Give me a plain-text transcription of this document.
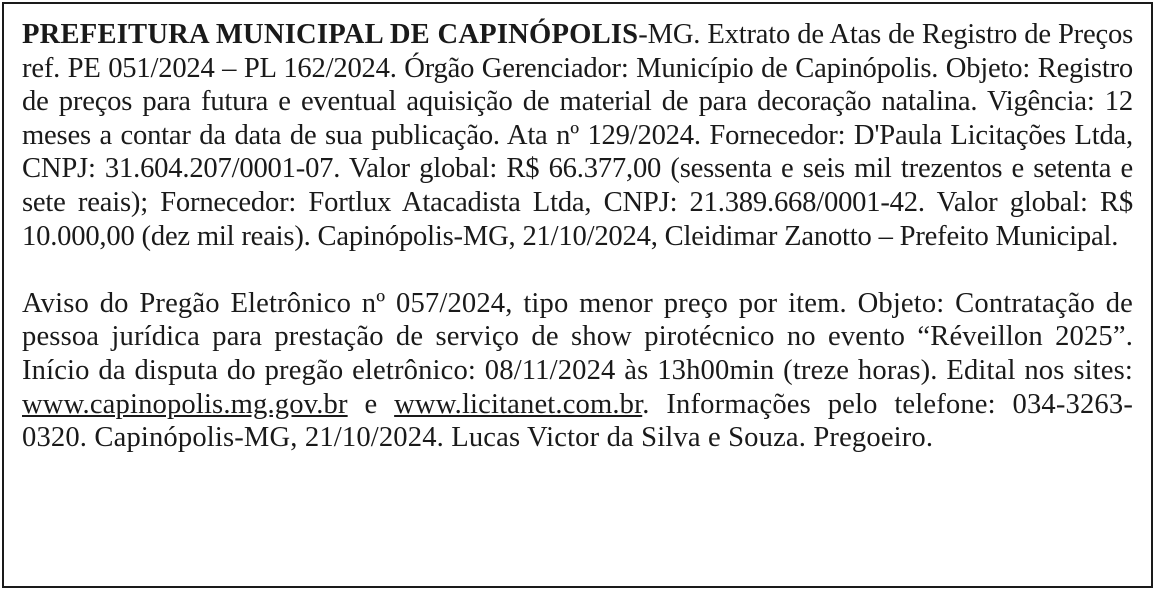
PREFEITURA MUNICIPAL DE CAPINÓPOLIS-MG. Extrato de Atas de Registro de Preços ref. PE 051/2024 – PL 162/2024. Órgão Gerenciador: Município de Capinópolis. Objeto: Registro de preços para futura e eventual aquisição de material de para decoração natalina. Vigência: 12 meses a contar da data de sua publicação. Ata nº 129/2024. Fornecedor: D'Paula Licitações Ltda, CNPJ: 31.604.207/0001-07. Valor global: R$ 66.377,00 (sessenta e seis mil trezentos e setenta e sete reais); Fornecedor: Fortlux Atacadista Ltda, CNPJ: 21.389.668/0001-42. Valor global: R$ 10.000,00 (dez mil reais). Capinópolis-MG, 21/10/2024, Cleidimar Zanotto – Prefeito Municipal.

Aviso do Pregão Eletrônico nº 057/2024, tipo menor preço por item. Objeto: Contratação de pessoa jurídica para prestação de serviço de show pirotécnico no evento “Réveillon 2025”. Início da disputa do pregão eletrônico: 08/11/2024 às 13h00min (treze horas). Edital nos sites: www.capinopolis.mg.gov.br e www.licitanet.com.br. Informações pelo telefone: 034-3263-0320. Capinópolis-MG, 21/10/2024. Lucas Victor da Silva e Souza. Pregoeiro.
